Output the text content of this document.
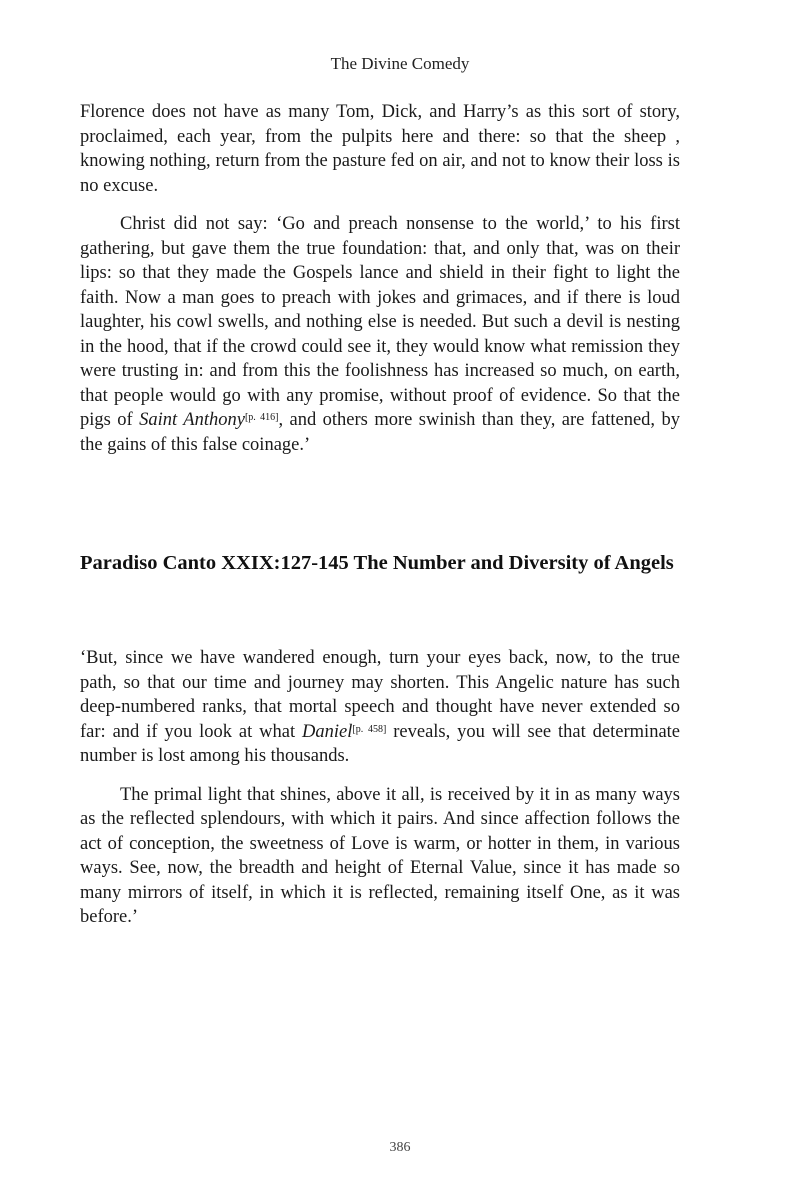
The Divine Comedy

Florence does not have as many Tom, Dick, and Harry’s as this sort of story, proclaimed, each year, from the pulpits here and there: so that the sheep , knowing nothing, return from the pasture fed on air, and not to know their loss is no excuse.

Christ did not say: ‘Go and preach nonsense to the world,’ to his first gathering, but gave them the true foundation: that, and only that, was on their lips: so that they made the Gospels lance and shield in their fight to light the faith. Now a man goes to preach with jokes and grimaces, and if there is loud laughter, his cowl swells, and nothing else is needed. But such a devil is nesting in the hood, that if the crowd could see it, they would know what remission they were trusting in: and from this the foolishness has increased so much, on earth, that people would go with any promise, without proof of evidence. So that the pigs of Saint Anthony[p. 416], and others more swinish than they, are fattened, by the gains of this false coinage.’

Paradiso Canto XXIX:127-145 The Number and Diversity of Angels

‘But, since we have wandered enough, turn your eyes back, now, to the true path, so that our time and journey may shorten. This Angelic nature has such deep-numbered ranks, that mortal speech and thought have never extended so far: and if you look at what Daniel[p. 458] reveals, you will see that determinate number is lost among his thousands.

The primal light that shines, above it all, is received by it in as many ways as the reflected splendours, with which it pairs. And since affection follows the act of conception, the sweetness of Love is warm, or hotter in them, in various ways. See, now, the breadth and height of Eternal Value, since it has made so many mirrors of itself, in which it is reflected, remaining itself One, as it was before.’

386
